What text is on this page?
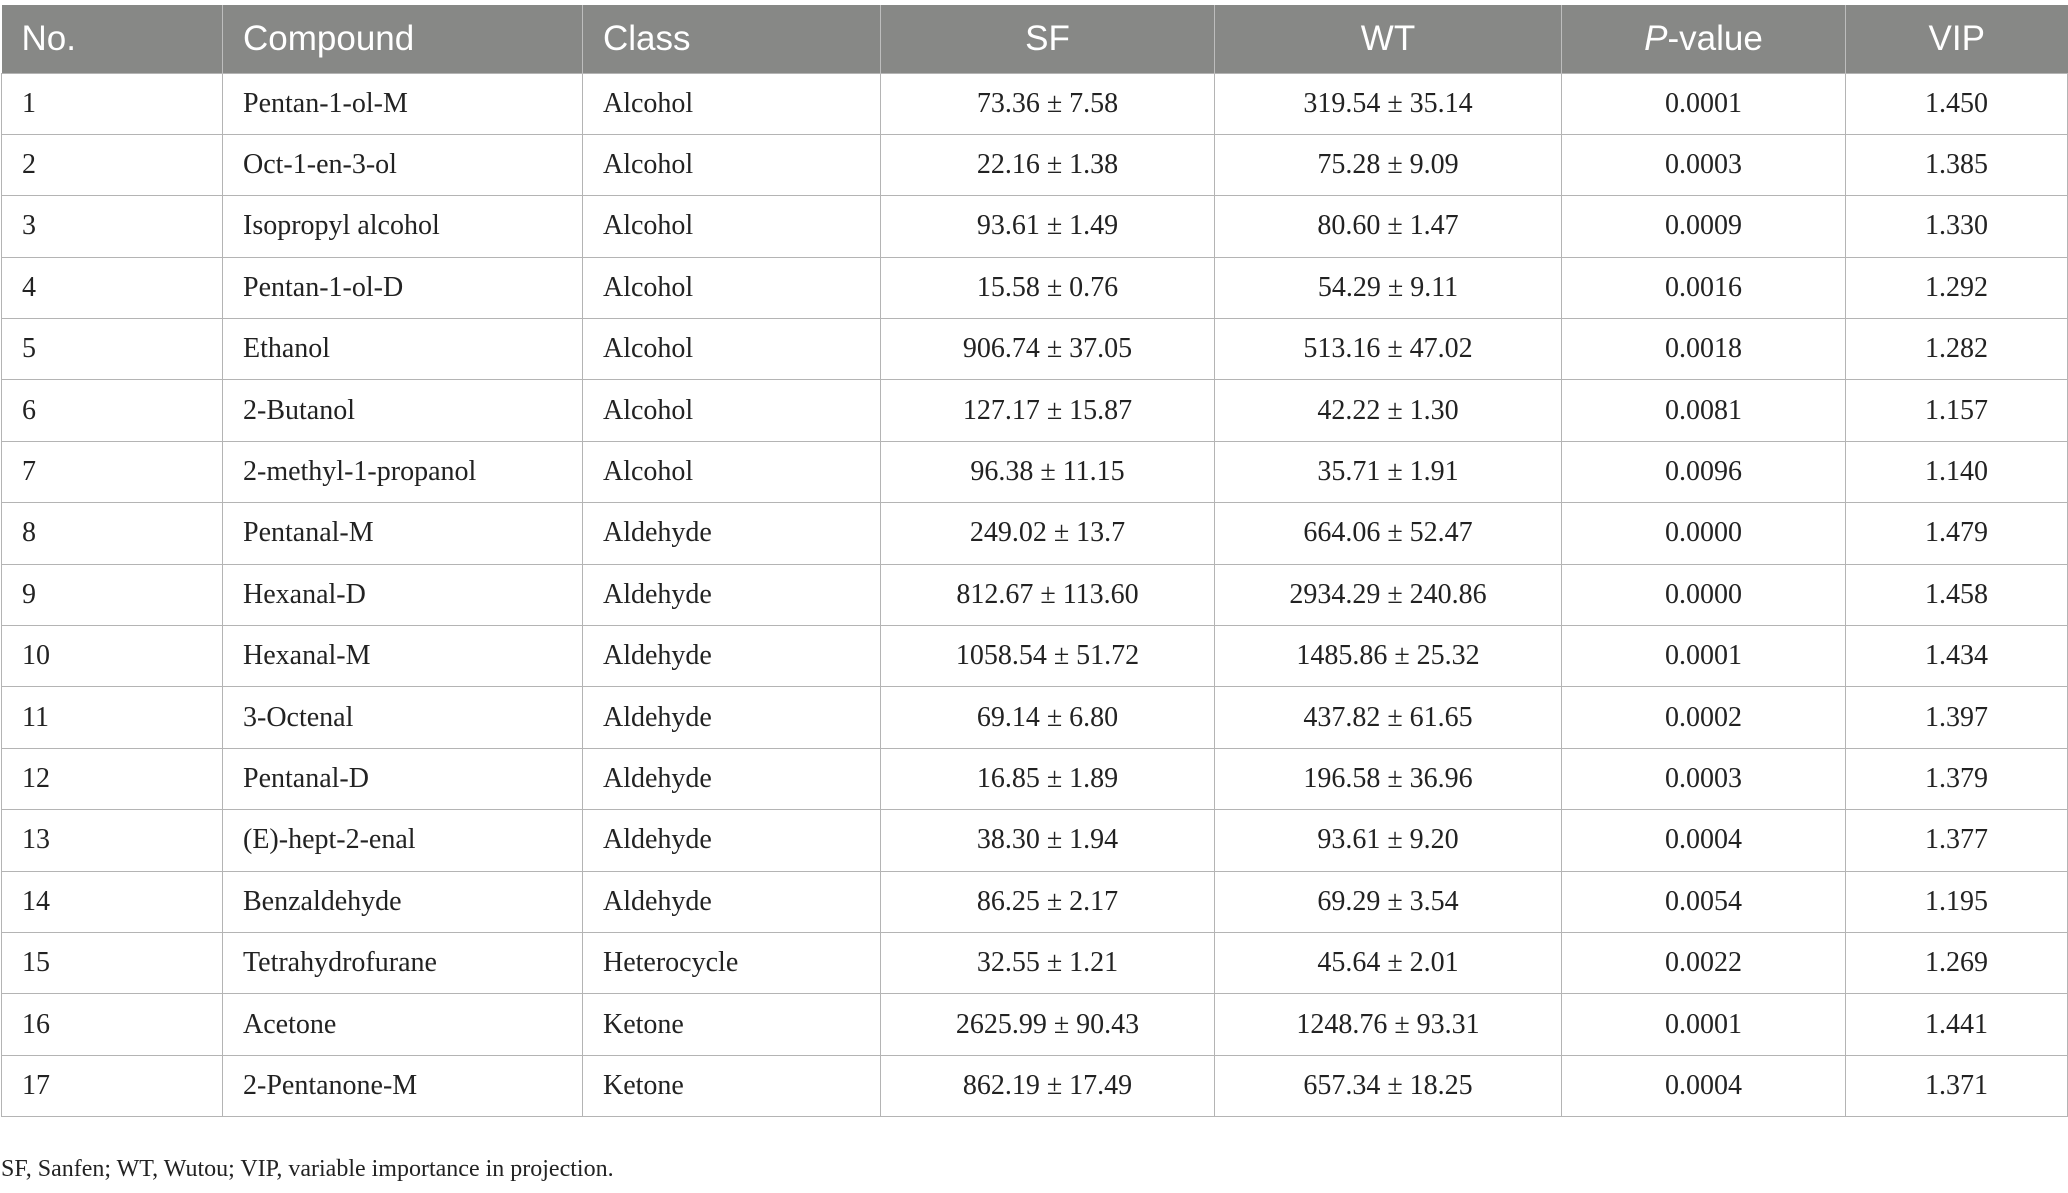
No.	Compound	Class	SF	WT	P-value	VIP
1	Pentan-1-ol-M	Alcohol	73.36 ± 7.58	319.54 ± 35.14	0.0001	1.450
2	Oct-1-en-3-ol	Alcohol	22.16 ± 1.38	75.28 ± 9.09	0.0003	1.385
3	Isopropyl alcohol	Alcohol	93.61 ± 1.49	80.60 ± 1.47	0.0009	1.330
4	Pentan-1-ol-D	Alcohol	15.58 ± 0.76	54.29 ± 9.11	0.0016	1.292
5	Ethanol	Alcohol	906.74 ± 37.05	513.16 ± 47.02	0.0018	1.282
6	2-Butanol	Alcohol	127.17 ± 15.87	42.22 ± 1.30	0.0081	1.157
7	2-methyl-1-propanol	Alcohol	96.38 ± 11.15	35.71 ± 1.91	0.0096	1.140
8	Pentanal-M	Aldehyde	249.02 ± 13.7	664.06 ± 52.47	0.0000	1.479
9	Hexanal-D	Aldehyde	812.67 ± 113.60	2934.29 ± 240.86	0.0000	1.458
10	Hexanal-M	Aldehyde	1058.54 ± 51.72	1485.86 ± 25.32	0.0001	1.434
11	3-Octenal	Aldehyde	69.14 ± 6.80	437.82 ± 61.65	0.0002	1.397
12	Pentanal-D	Aldehyde	16.85 ± 1.89	196.58 ± 36.96	0.0003	1.379
13	(E)-hept-2-enal	Aldehyde	38.30 ± 1.94	93.61 ± 9.20	0.0004	1.377
14	Benzaldehyde	Aldehyde	86.25 ± 2.17	69.29 ± 3.54	0.0054	1.195
15	Tetrahydrofurane	Heterocycle	32.55 ± 1.21	45.64 ± 2.01	0.0022	1.269
16	Acetone	Ketone	2625.99 ± 90.43	1248.76 ± 93.31	0.0001	1.441
17	2-Pentanone-M	Ketone	862.19 ± 17.49	657.34 ± 18.25	0.0004	1.371
SF, Sanfen; WT, Wutou; VIP, variable importance in projection.
